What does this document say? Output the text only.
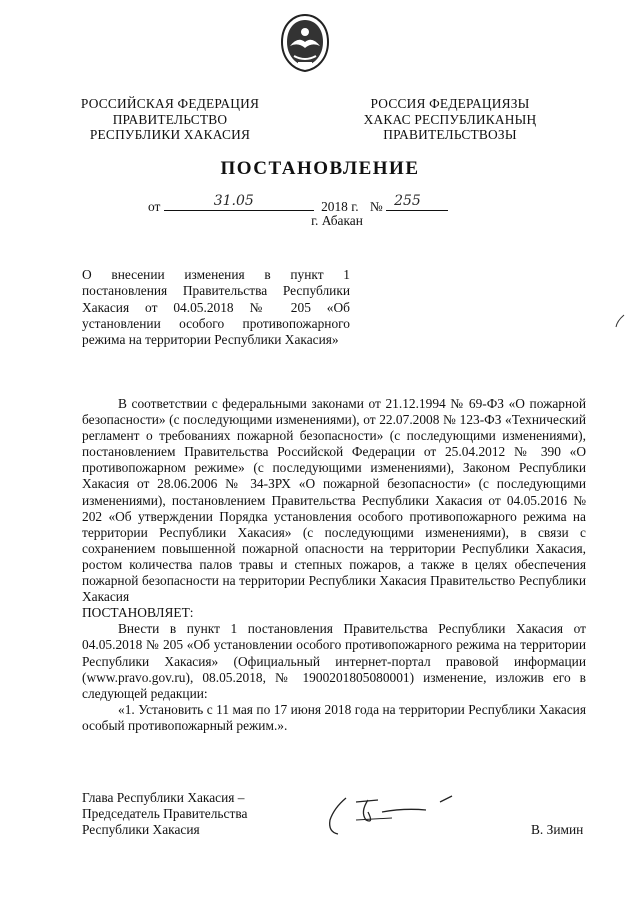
РОССИЙСКАЯ ФЕДЕРАЦИЯ
ПРАВИТЕЛЬСТВО
РЕСПУБЛИКИ ХАКАСИЯ
РОССИЯ ФЕДЕРАЦИЯЗЫ
ХАКАС РЕСПУБЛИКАНЫҢ
ПРАВИТЕЛЬСТВОЗЫ
ПОСТАНОВЛЕНИЕ
от	31.05	2018 г. № 255
г. Абакан
О внесении изменения в пункт 1 постановления Правительства Республики Хакасия от 04.05.2018 № 205 «Об установлении особого противопожарного режима на территории Республики Хакасия»

В соответствии с федеральными законами от 21.12.1994 № 69-ФЗ «О пожарной безопасности» (с последующими изменениями), от 22.07.2008 № 123-ФЗ «Технический регламент о требованиях пожарной безопасности» (с последующими изменениями), постановлением Правительства Российской Федерации от 25.04.2012 № 390 «О противопожарном режиме» (с последующими изменениями), Законом Республики Хакасия от 28.06.2006 № 34-ЗРХ «О пожарной безопасности» (с последующими изменениями), постановлением Правительства Республики Хакасия от 04.05.2016 № 202 «Об утверждении Порядка установления особого противопожарного режима на территории Республики Хакасия» (с последующими изменениями), в связи с сохранением повышенной пожарной опасности на территории Республики Хакасия, ростом количества палов травы и степных пожаров, а также в целях обеспечения пожарной безопасности на территории Республики Хакасия Правительство Республики Хакасия

ПОСТАНОВЛЯЕТ:

Внести в пункт 1 постановления Правительства Республики Хакасия от 04.05.2018 № 205 «Об установлении особого противопожарного режима на территории Республики Хакасия» (Официальный интернет-портал правовой информации (www.pravo.gov.ru), 08.05.2018, № 1900201805080001) изменение, изложив его в следующей редакции:

«1. Установить с 11 мая по 17 июня 2018 года на территории Республики Хакасия особый противопожарный режим.».

Глава Республики Хакасия –
Председатель Правительства
Республики Хакасия	В. Зимин
